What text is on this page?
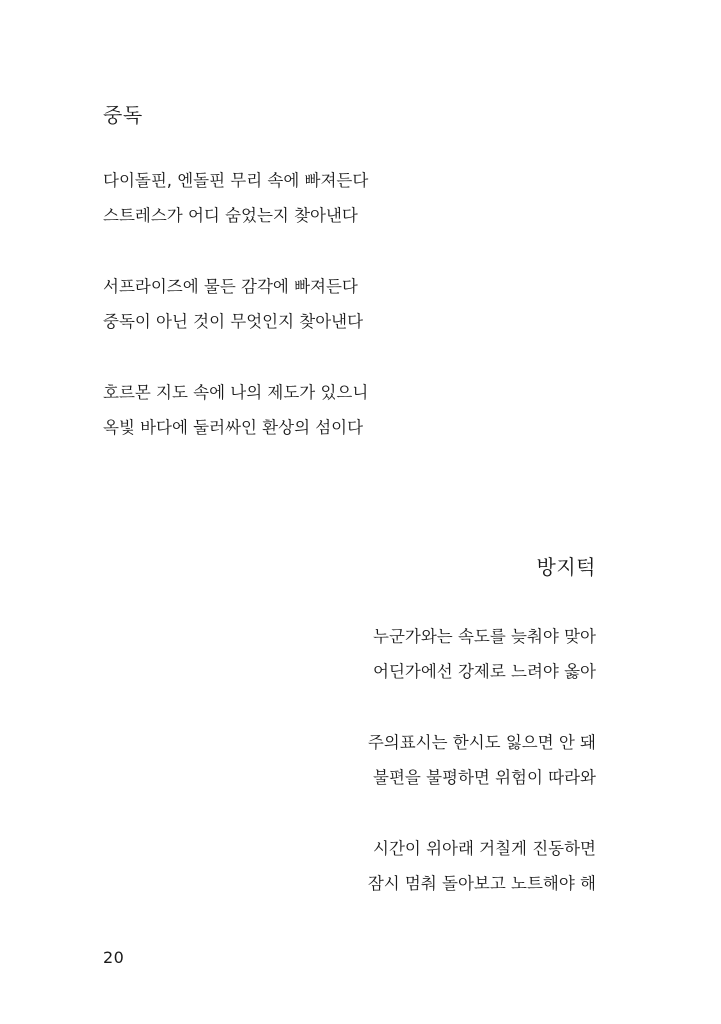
중독
다이돌핀, 엔돌핀 무리 속에 빠져든다
스트레스가 어디 숨었는지 찾아낸다
서프라이즈에 물든 감각에 빠져든다
중독이 아닌 것이 무엇인지 찾아낸다
호르몬 지도 속에 나의 제도가 있으니
옥빛 바다에 둘러싸인 환상의 섬이다
방지턱
누군가와는 속도를 늦춰야 맞아
어딘가에선 강제로 느려야 옳아
주의표시는 한시도 잃으면 안 돼
불편을 불평하면 위험이 따라와
시간이 위아래 거칠게 진동하면
잠시 멈춰 돌아보고 노트해야 해
20
